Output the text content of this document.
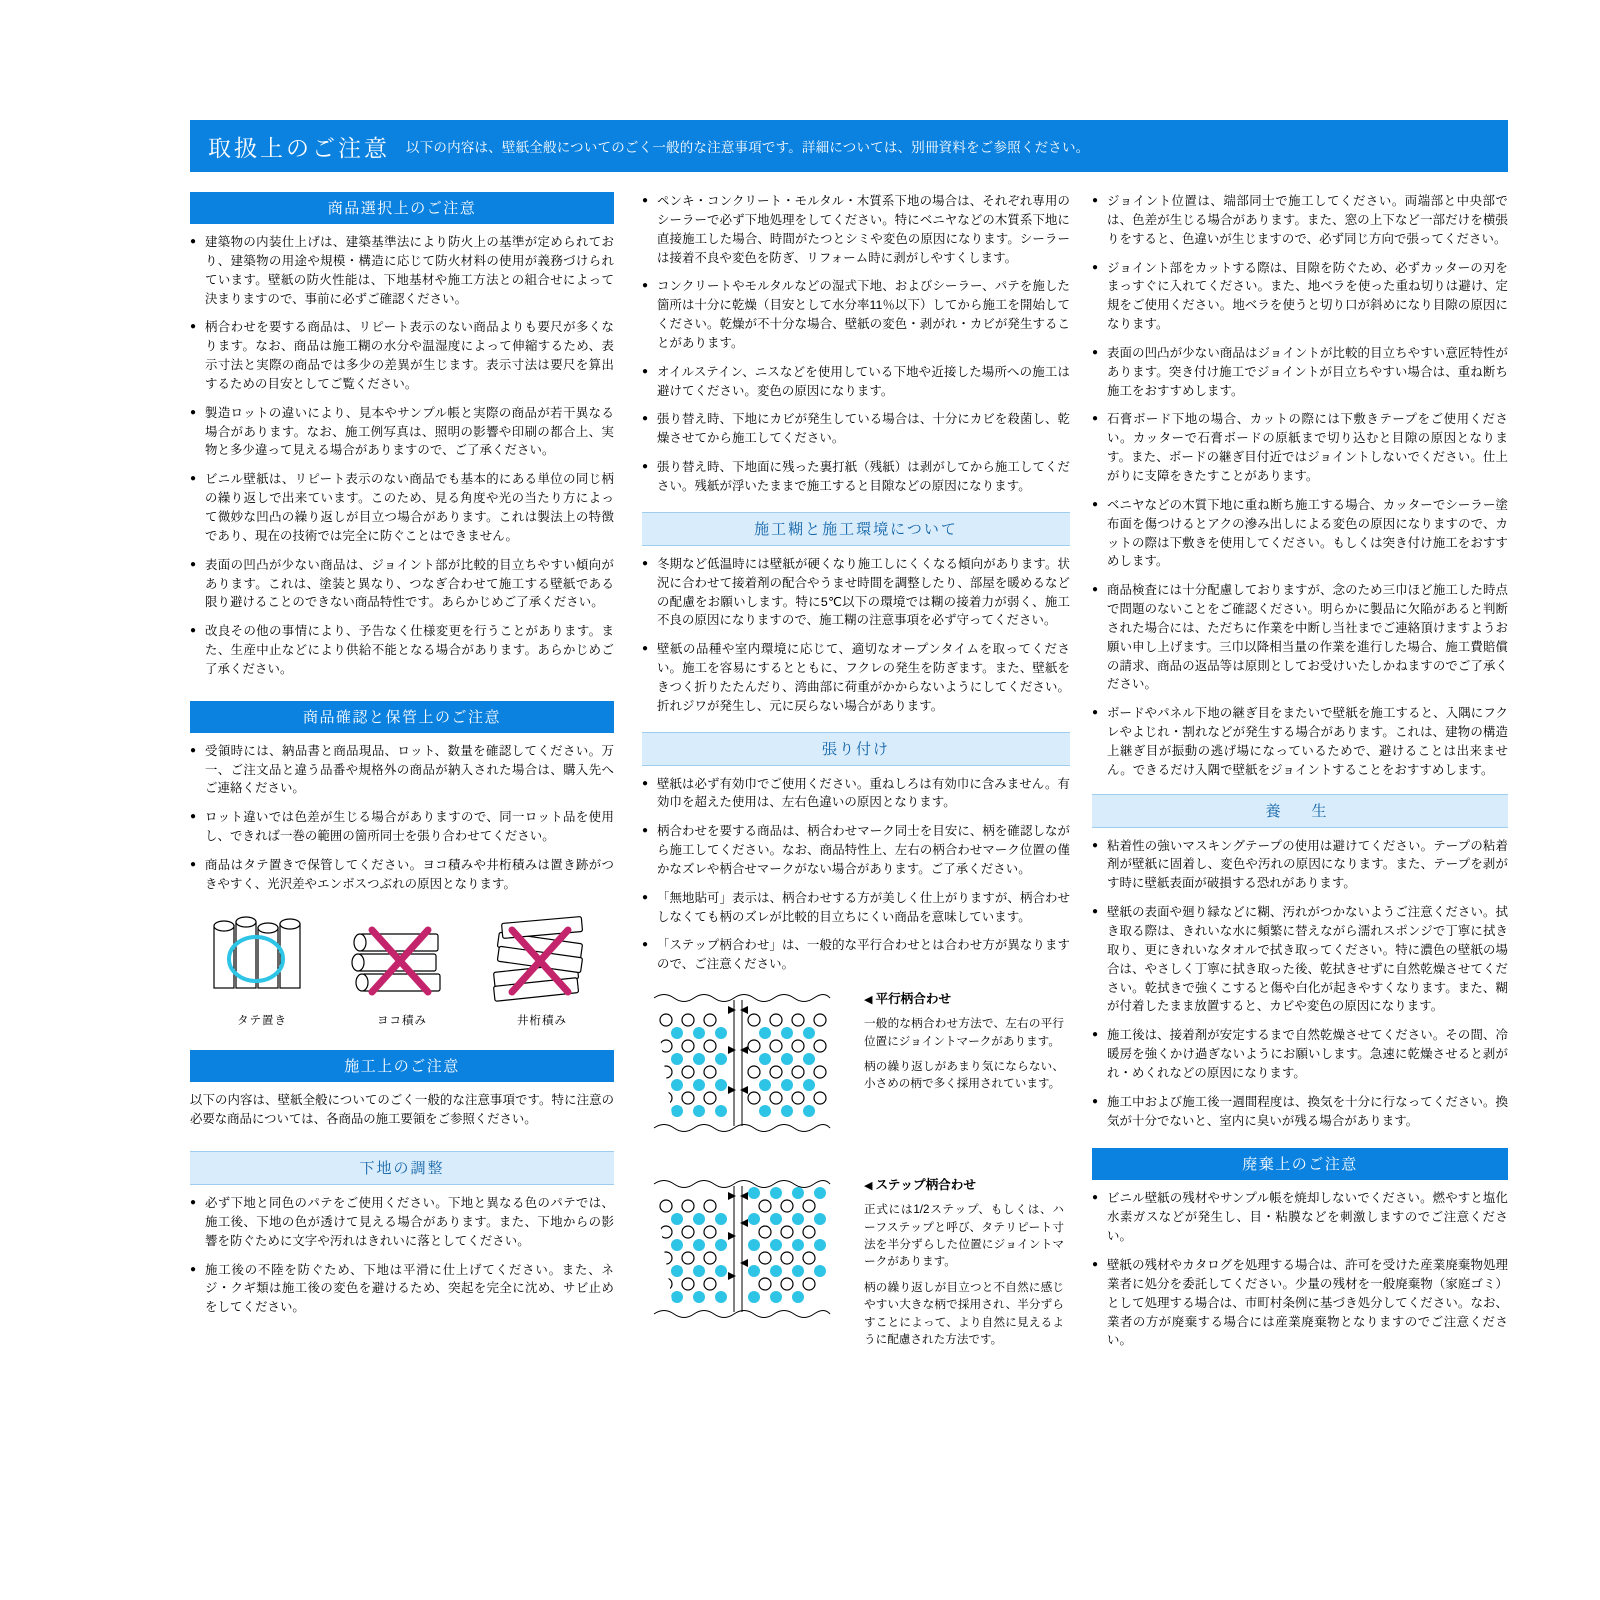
取扱上のご注意 以下の内容は、壁紙全般についてのごく一般的な注意事項です。詳細については、別冊資料をご参照ください。
商品選択上のご注意
● 建築物の内装仕上げは、建築基準法により防火上の基準が定められており、建築物の用途や規模・構造に応じて防火材料の使用が義務づけられています。壁紙の防火性能は、下地基材や施工方法との組合せによって決まりますので、事前に必ずご確認ください。
● 柄合わせを要する商品は、リピート表示のない商品よりも要尺が多くなります。なお、商品は施工糊の水分や温湿度によって伸縮するため、表示寸法と実際の商品では多少の差異が生じます。表示寸法は要尺を算出するための目安としてご覧ください。
● 製造ロットの違いにより、見本やサンプル帳と実際の商品が若干異なる場合があります。なお、施工例写真は、照明の影響や印刷の都合上、実物と多少違って見える場合がありますので、ご了承ください。
● ビニル壁紙は、リピート表示のない商品でも基本的にある単位の同じ柄の繰り返しで出来ています。このため、見る角度や光の当たり方によって微妙な凹凸の繰り返しが目立つ場合があります。これは製法上の特徴であり、現在の技術では完全に防ぐことはできません。
● 表面の凹凸が少ない商品は、ジョイント部が比較的目立ちやすい傾向があります。これは、塗装と異なり、つなぎ合わせて施工する壁紙である限り避けることのできない商品特性です。あらかじめご了承ください。
● 改良その他の事情により、予告なく仕様変更を行うことがあります。また、生産中止などにより供給不能となる場合があります。あらかじめご了承ください。
商品確認と保管上のご注意
● 受領時には、納品書と商品現品、ロット、数量を確認してください。万一、ご注文品と違う品番や規格外の商品が納入された場合は、購入先へご連絡ください。
● ロット違いでは色差が生じる場合がありますので、同一ロット品を使用し、できれば一巻の範囲の箇所同士を張り合わせてください。
● 商品はタテ置きで保管してください。ヨコ積みや井桁積みは置き跡がつきやすく、光沢差やエンボスつぶれの原因となります。
タテ置き	ヨコ積み	井桁積み
施工上のご注意

以下の内容は、壁紙全般についてのごく一般的な注意事項です。特に注意の必要な商品については、各商品の施工要領をご参照ください。

下地の調整
● 必ず下地と同色のパテをご使用ください。下地と異なる色のパテでは、施工後、下地の色が透けて見える場合があります。また、下地からの影響を防ぐために文字や汚れはきれいに落としてください。
● 施工後の不陸を防ぐため、下地は平滑に仕上げてください。また、ネジ・クギ類は施工後の変色を避けるため、突起を完全に沈め、サビ止めをしてください。
● ペンキ・コンクリート・モルタル・木質系下地の場合は、それぞれ専用のシーラーで必ず下地処理をしてください。特にベニヤなどの木質系下地に直接施工した場合、時間がたつとシミや変色の原因になります。シーラーは接着不良や変色を防ぎ、リフォーム時に剥がしやすくします。
● コンクリートやモルタルなどの湿式下地、およびシーラー、パテを施した箇所は十分に乾燥（目安として水分率11％以下）してから施工を開始してください。乾燥が不十分な場合、壁紙の変色・剥がれ・カビが発生することがあります。
● オイルステイン、ニスなどを使用している下地や近接した場所への施工は避けてください。変色の原因になります。
● 張り替え時、下地にカビが発生している場合は、十分にカビを殺菌し、乾燥させてから施工してください。
● 張り替え時、下地面に残った裏打紙（残紙）は剥がしてから施工してください。残紙が浮いたままで施工すると目隙などの原因になります。
施工糊と施工環境について
● 冬期など低温時には壁紙が硬くなり施工しにくくなる傾向があります。状況に合わせて接着剤の配合やうませ時間を調整したり、部屋を暖めるなどの配慮をお願いします。特に5℃以下の環境では糊の接着力が弱く、施工不良の原因になりますので、施工糊の注意事項を必ず守ってください。
● 壁紙の品種や室内環境に応じて、適切なオープンタイムを取ってください。施工を容易にするとともに、フクレの発生を防ぎます。また、壁紙をきつく折りたたんだり、湾曲部に荷重がかからないようにしてください。折れジワが発生し、元に戻らない場合があります。
張り付け
● 壁紙は必ず有効巾でご使用ください。重ねしろは有効巾に含みません。有効巾を超えた使用は、左右色違いの原因となります。
● 柄合わせを要する商品は、柄合わせマーク同士を目安に、柄を確認しながら施工してください。なお、商品特性上、左右の柄合わせマーク位置の僅かなズレや柄合せマークがない場合があります。ご了承ください。
● 「無地貼可」表示は、柄合わせする方が美しく仕上がりますが、柄合わせしなくても柄のズレが比較的目立ちにくい商品を意味しています。
● 「ステップ柄合わせ」は、一般的な平行合わせとは合わせ方が異なりますので、ご注意ください。
◀ 平行柄合わせ

一般的な柄合わせ方法で、左右の平行位置にジョイントマークがあります。

柄の繰り返しがあまり気にならない、小さめの柄で多く採用されています。

◀ ステップ柄合わせ

正式には1/2ステップ、もしくは、ハーフステップと呼び、タテリピート寸法を半分ずらした位置にジョイントマークがあります。

柄の繰り返しが目立つと不自然に感じやすい大きな柄で採用され、半分ずらすことによって、より自然に見えるように配慮された方法です。

● ジョイント位置は、端部同士で施工してください。両端部と中央部では、色差が生じる場合があります。また、窓の上下など一部だけを横張りをすると、色違いが生じますので、必ず同じ方向で張ってください。
● ジョイント部をカットする際は、目隙を防ぐため、必ずカッターの刃をまっすぐに入れてください。また、地ベラを使った重ね切りは避け、定規をご使用ください。地ベラを使うと切り口が斜めになり目隙の原因になります。
● 表面の凹凸が少ない商品はジョイントが比較的目立ちやすい意匠特性があります。突き付け施工でジョイントが目立ちやすい場合は、重ね断ち施工をおすすめします。
● 石膏ボード下地の場合、カットの際には下敷きテープをご使用ください。カッターで石膏ボードの原紙まで切り込むと目隙の原因となります。また、ボードの継ぎ目付近ではジョイントしないでください。仕上がりに支障をきたすことがあります。
● ベニヤなどの木質下地に重ね断ち施工する場合、カッターでシーラー塗布面を傷つけるとアクの滲み出しによる変色の原因になりますので、カットの際は下敷きを使用してください。もしくは突き付け施工をおすすめします。
● 商品検査には十分配慮しておりますが、念のため三巾ほど施工した時点で問題のないことをご確認ください。明らかに製品に欠陥があると判断された場合には、ただちに作業を中断し当社までご連絡頂けますようお願い申し上げます。三巾以降相当量の作業を進行した場合、施工費賠償の請求、商品の返品等は原則としてお受けいたしかねますのでご了承ください。
● ボードやパネル下地の継ぎ目をまたいで壁紙を施工すると、入隅にフクレやよじれ・割れなどが発生する場合があります。これは、建物の構造上継ぎ目が振動の逃げ場になっているためで、避けることは出来ません。できるだけ入隅で壁紙をジョイントすることをおすすめします。
養　生
● 粘着性の強いマスキングテープの使用は避けてください。テープの粘着剤が壁紙に固着し、変色や汚れの原因になります。また、テープを剥がす時に壁紙表面が破損する恐れがあります。
● 壁紙の表面や廻り縁などに糊、汚れがつかないようご注意ください。拭き取る際は、きれいな水に頻繁に替えながら濡れスポンジで丁寧に拭き取り、更にきれいなタオルで拭き取ってください。特に濃色の壁紙の場合は、やさしく丁寧に拭き取った後、乾拭きせずに自然乾燥させてください。乾拭きで強くこすると傷や白化が起きやすくなります。また、糊が付着したまま放置すると、カビや変色の原因になります。
● 施工後は、接着剤が安定するまで自然乾燥させてください。その間、冷暖房を強くかけ過ぎないようにお願いします。急速に乾燥させると剥がれ・めくれなどの原因になります。
● 施工中および施工後一週間程度は、換気を十分に行なってください。換気が十分でないと、室内に臭いが残る場合があります。
廃棄上のご注意
● ビニル壁紙の残材やサンプル帳を焼却しないでください。燃やすと塩化水素ガスなどが発生し、目・粘膜などを刺激しますのでご注意ください。
● 壁紙の残材やカタログを処理する場合は、許可を受けた産業廃棄物処理業者に処分を委託してください。少量の残材を一般廃棄物（家庭ゴミ）として処理する場合は、市町村条例に基づき処分してください。なお、業者の方が廃棄する場合には産業廃棄物となりますのでご注意ください。
